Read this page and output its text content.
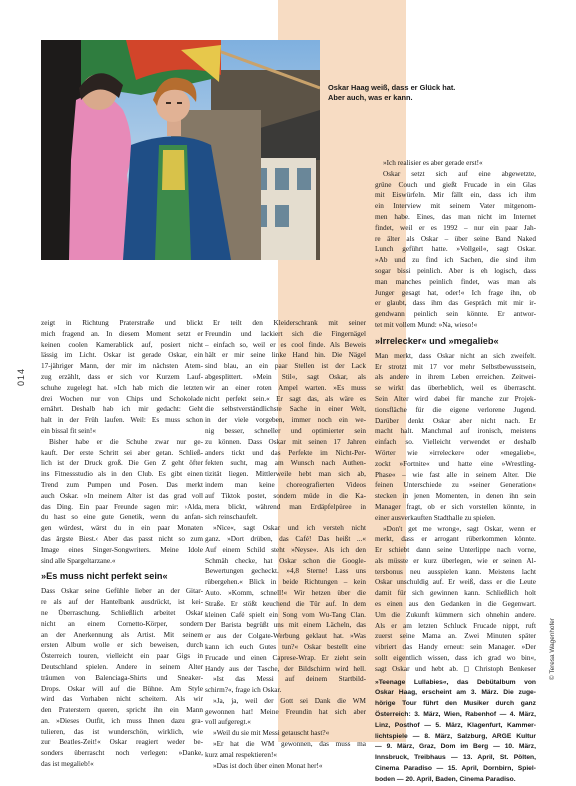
Oskar Haag weiß, dass er Glück hat.
Aber auch, was er kann.
014
© Teresa Wagenhofer
zeigt in Richtung Praterstraße und blickt
mich fragend an. In diesem Moment setzt er
keinen coolen Kamerablick auf, posiert nicht
lässig im Licht. Oskar ist gerade Oskar, ein
17-jähriger Mann, der mir im nächsten Atem-
zug erzählt, dass er sich vor Kurzem Lauf-
schuhe zugelegt hat. »Ich hab mich die letzten
drei Wochen nur von Chips und Schokolade
ernährt. Deshalb hab ich mir gedacht: Geht
halt in der Früh laufen. Weil: Es muss schon
ein bissal fit sein!«
Bisher habe er die Schuhe zwar nur ge-
kauft. Der erste Schritt sei aber getan. Schließ-
lich ist der Druck groß. Die Gen Z geht öfter
ins Fitnessstudio als in den Club. Es gibt einen
Trend zum Pumpen und Posen. Das merkt
auch Oskar. »In meinem Alter ist das grad voll
das Ding. Ein paar Freunde sagen mir: ›Alda,
du hast so eine gute Genetik, wenn du anfan-
gen würdest, wärst du in ein paar Monaten
das ärgste Biest.‹ Aber das passt nicht so zum
Image eines Singer-Songwriters. Meine Idole
sind alle Spargeltarzane.«
»Es muss nicht perfekt sein«
Dass Oskar seine Gefühle lieber an der Gitar-
re als auf der Hantelbank ausdrückt, ist kei-
ne Überraschung. Schließlich arbeitet Oskar
nicht an einem Cornetto-Körper, sondern
an der Anerkennung als Artist. Mit seinem
ersten Album wolle er sich beweisen, durch
Österreich touren, vielleicht ein paar Gigs in
Deutschland spielen. Andere in seinem Alter
träumen von Balenciaga-Shirts und Sneaker-
Drops. Oskar will auf die Bühne. Am Style
wird das Vorhaben nicht scheitern. Als wir
den Praterstern queren, spricht ihn ein Mann
an. »Dieses Outfit, ich muss Ihnen dazu gra-
tulieren, das ist wunderschön, wirklich, wie
zur Beatles-Zeit!« Oskar reagiert weder be-
sonders überrascht noch verlegen: »Danke,
das ist megalieb!«
Er teilt den Kleiderschrank mit seiner
Freundin und lackiert sich die Fingernägel
– einfach so, weil er es cool finde. Als Beweis
hält er mir seine linke Hand hin. Die Nägel
sind blau, an ein paar Stellen ist der Lack
abgesplittert. »Mein Stil«, sagt Oskar, als
wir an einer roten Ampel warten. »Es muss
nicht perfekt sein.« Er sagt das, als wäre es
die selbstverständlichste Sache in einer Welt,
in der viele vorgeben, immer noch ein we-
nig besser, schneller und optimierter sein
zu können. Dass Oskar mit seinen 17 Jahren
anders tickt und das Perfekte im Nicht-Per-
fekten sucht, mag am Wunsch nach Authen-
tizität liegen. Mittlerweile hebt man sich ab,
indem man keine choreografierten Videos
auf Tiktok postet, sondern müde in die Ka-
mera blickt, während man Erdäpfelpüree in
sich reinschaufelt.
»Nice«, sagt Oskar und ich versteh nicht
ganz. »Dort drüben, das Café! Das heißt ...«
Auf einem Schild steht »Neyse«. Als ich den
Schmäh checke, hat Oskar schon die Google-
Bewertungen gecheckt. »4,8 Sterne! Lass uns
rübergehen.« Blick in beide Richtungen – kein
Auto. »Komm, schnell!« Wir hetzen über die
Straße. Er stößt keuchend die Tür auf. In dem
kleinen Café spielt ein Song vom Wu-Tang Clan.
Der Barista begrüßt uns mit einem Lächeln, das
er aus der Colgate-Werbung geklaut hat. »Was
kann ich euch Gutes tun?« Oskar bestellt eine
Frucade und einen Caprese-Wrap. Er zieht sein
Handy aus der Tasche, der Bildschirm wird hell.
»Ist das Messi auf deinem Startbild-
schirm?«, frage ich Oskar.
»Ja, ja, weil der Gott sei Dank die WM
gewonnen hat! Meine Freundin hat sich aber
voll aufgeregt.«
»Weil du sie mit Messi getauscht hast?«
»Er hat die WM gewonnen, das muss ma
kurz amal respektieren!«
»Das ist doch über einen Monat her!«
»Ich realisier es aber gerade erst!«
Oskar setzt sich auf eine abgewetzte,
grüne Couch und gießt Frucade in ein Glas
mit Eiswürfeln. Mir fällt ein, dass ich ihm
ein Interview mit seinem Vater mitgenom-
men habe. Eines, das man nicht im Internet
findet, weil er es 1992 – nur ein paar Jah-
re älter als Oskar – über seine Band Naked
Lunch geführt hatte. »Vollgeil«, sagt Oskar.
»Ab und zu find ich Sachen, die sind ihm
sogar bissi peinlich. Aber is eh logisch, dass
man manches peinlich findet, was man als
Junger gesagt hat, oder!« Ich frage ihn, ob
er glaubt, dass ihm das Gespräch mit mir ir-
gendwann peinlich sein könnte. Er antwor-
tet mit vollem Mund: »Na, wieso!«
»Irrelecker« und »megalieb«
Man merkt, dass Oskar nicht an sich zweifelt.
Er strotzt mit 17 vor mehr Selbstbewusstsein,
als andere in ihrem Leben erreichen. Zeitwei-
se wirkt das überheblich, weil es überrascht.
Sein Alter wird dabei für manche zur Projek-
tionsfläche für die eigene verlorene Jugend.
Darüber denkt Oskar aber nicht nach. Er
macht halt. Manchmal auf ironisch, meistens
einfach so. Vielleicht verwendet er deshalb
Wörter wie »irrelecker« oder »megalieb«,
zockt »Fortnite« und hatte eine »Wrestling-
Phase« – wie fast alle in seinem Alter. Die
feinen Unterschiede zu »seiner Generation«
stecken in jenen Momenten, in denen ihn sein
Manager fragt, ob er sich vorstellen könnte, in
einer ausverkauften Stadthalle zu spielen.
»Don't get me wrong«, sagt Oskar, wenn er
merkt, dass er arrogant rüberkommen könnte.
Er schiebt dann seine Unterlippe nach vorne,
als müsste er kurz überlegen, wie er seinen Al-
tersbonus neu ausspielen kann. Meistens lacht
Oskar unschuldig auf. Er weiß, dass er die Leute
damit für sich gewinnen kann. Schließlich holt
es einen aus den Gedanken in die Gegenwart.
Um die Zukunft kümmern sich ohnehin andere.
Als er am letzten Schluck Frucade nippt, ruft
zuerst seine Mama an. Zwei Minuten später
vibriert das Handy erneut: sein Manager. »Der
sollt eigentlich wissen, dass ich grad wo bin«,
sagt Oskar und hebt ab. ◻ Christoph Benkeser
»Teenage Lullabies«, das Debütalbum von
Oskar Haag, erscheint am 3. März. Die zuge-
hörige Tour führt den Musiker durch ganz
Österreich: 3. März, Wien, Rabenhof — 4. März,
Linz, Posthof — 5. März, Klagenfurt, Kammer-
lichtspiele — 8. März, Salzburg, ARGE Kultur
— 9. März, Graz, Dom im Berg — 10. März,
Innsbruck, Treibhaus — 13. April, St. Pölten,
Cinema Paradiso — 15. April, Dornbirn, Spiel-
boden — 20. April, Baden, Cinema Paradiso.
